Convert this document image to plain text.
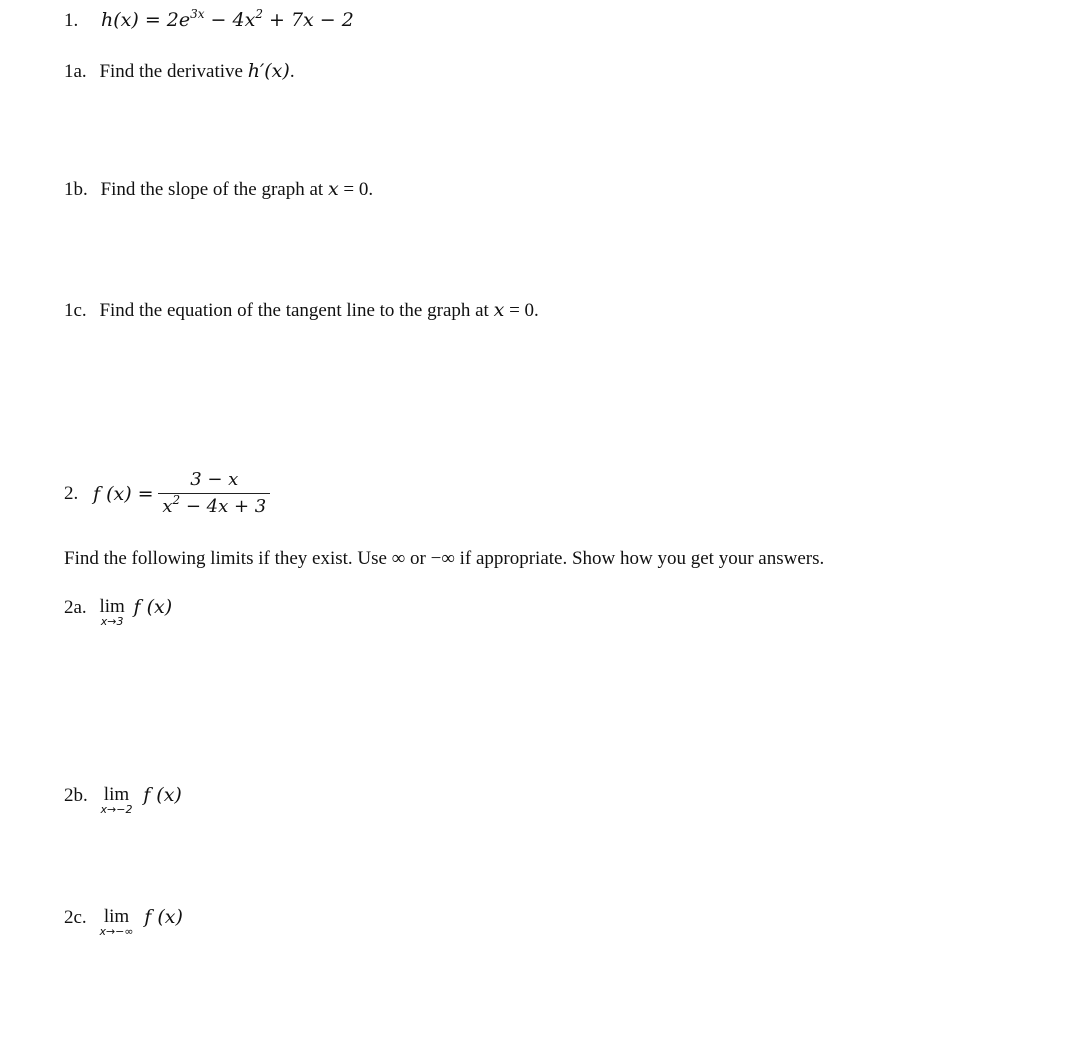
1. $h(x) = 2e^{3x} - 4x^2 + 7x - 2$
1a. Find the derivative h′(x).
1b. Find the slope of the graph at x = 0.
1c. Find the equation of the tangent line to the graph at x = 0.
2. f $(x) = \frac{3 - x}{x^2 - 4x + 3}$
Find the following limits if they exist. Use ∞ or −∞ if appropriate. Show how you get your answers.
2a. lim
x→3
f (x)
2b. lim
x→−2
f (x)
2c. lim
x→−∞
f (x)
